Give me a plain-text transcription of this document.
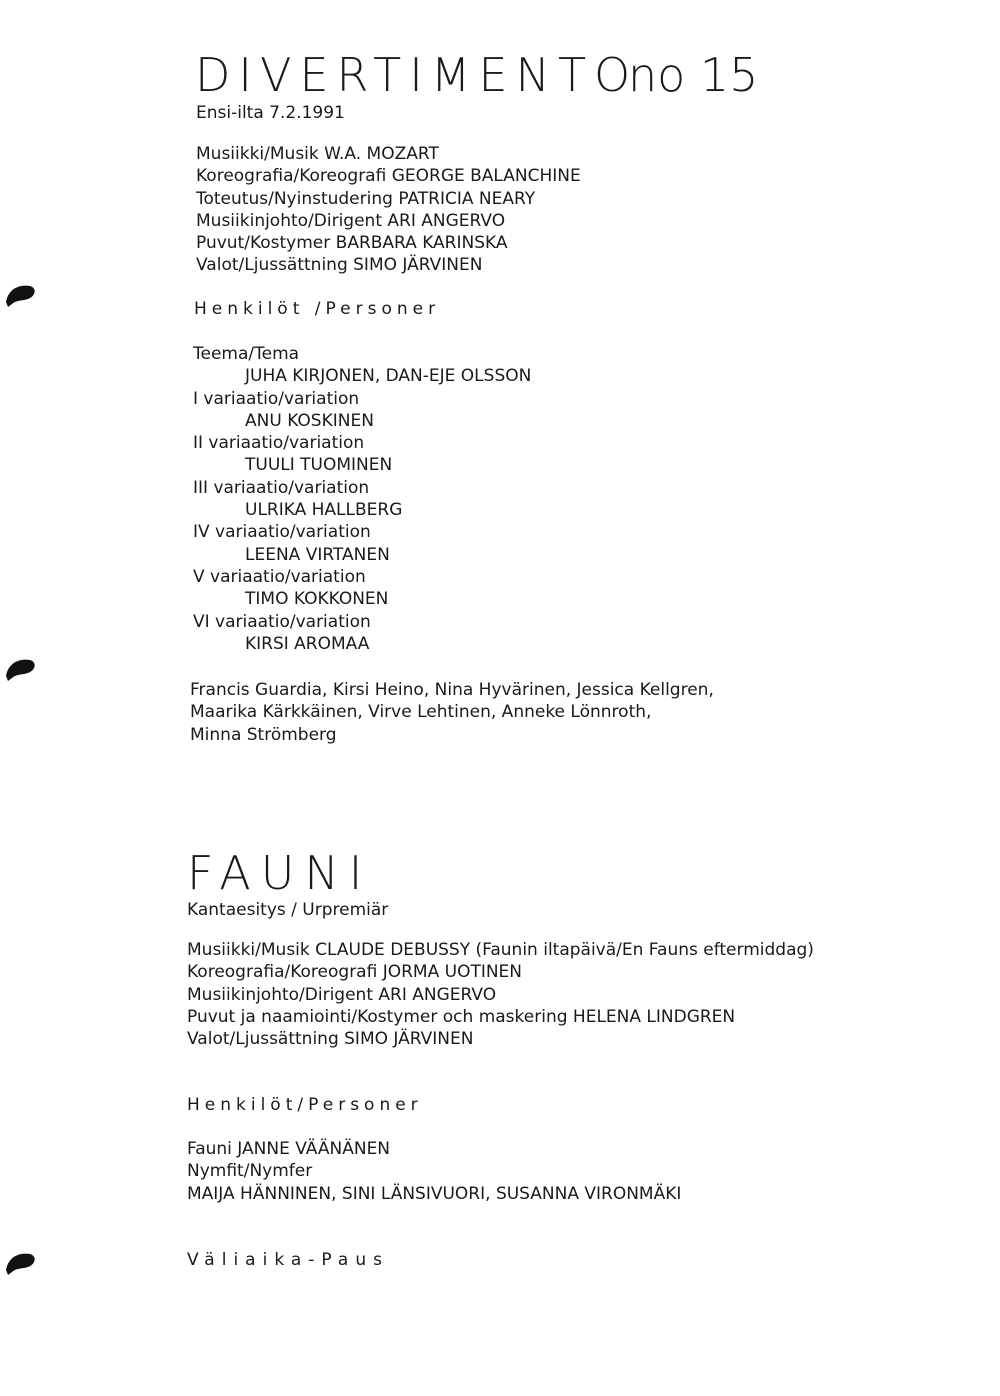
DIVERTIMENTO
no 15
Ensi-ilta 7.2.1991
Musiikki/Musik W.A. MOZART
Koreografia/Koreografi GEORGE BALANCHINE
Toteutus/Nyinstudering PATRICIA NEARY
Musiikinjohto/Dirigent ARI ANGERVO
Puvut/Kostymer BARBARA KARINSKA
Valot/Ljussättning SIMO JÄRVINEN
Henkilöt /Personer
Teema/Tema
JUHA KIRJONEN, DAN-EJE OLSSON
I variaatio/variation
ANU KOSKINEN
II variaatio/variation
TUULI TUOMINEN
III variaatio/variation
ULRIKA HALLBERG
IV variaatio/variation
LEENA VIRTANEN
V variaatio/variation
TIMO KOKKONEN
VI variaatio/variation
KIRSI AROMAA
Francis Guardia, Kirsi Heino, Nina Hyvärinen, Jessica Kellgren,
Maarika Kärkkäinen, Virve Lehtinen, Anneke Lönnroth,
Minna Strömberg
FAUNI
Kantaesitys / Urpremiär
Musiikki/Musik CLAUDE DEBUSSY (Faunin iltapäivä/En Fauns eftermiddag)
Koreografia/Koreografi JORMA UOTINEN
Musiikinjohto/Dirigent ARI ANGERVO
Puvut ja naamiointi/Kostymer och maskering HELENA LINDGREN
Valot/Ljussättning SIMO JÄRVINEN
Henkilöt/Personer
Fauni JANNE VÄÄNÄNEN
Nymfit/Nymfer
MAIJA HÄNNINEN, SINI LÄNSIVUORI, SUSANNA VIRONMÄKI
Väliaika-Paus
